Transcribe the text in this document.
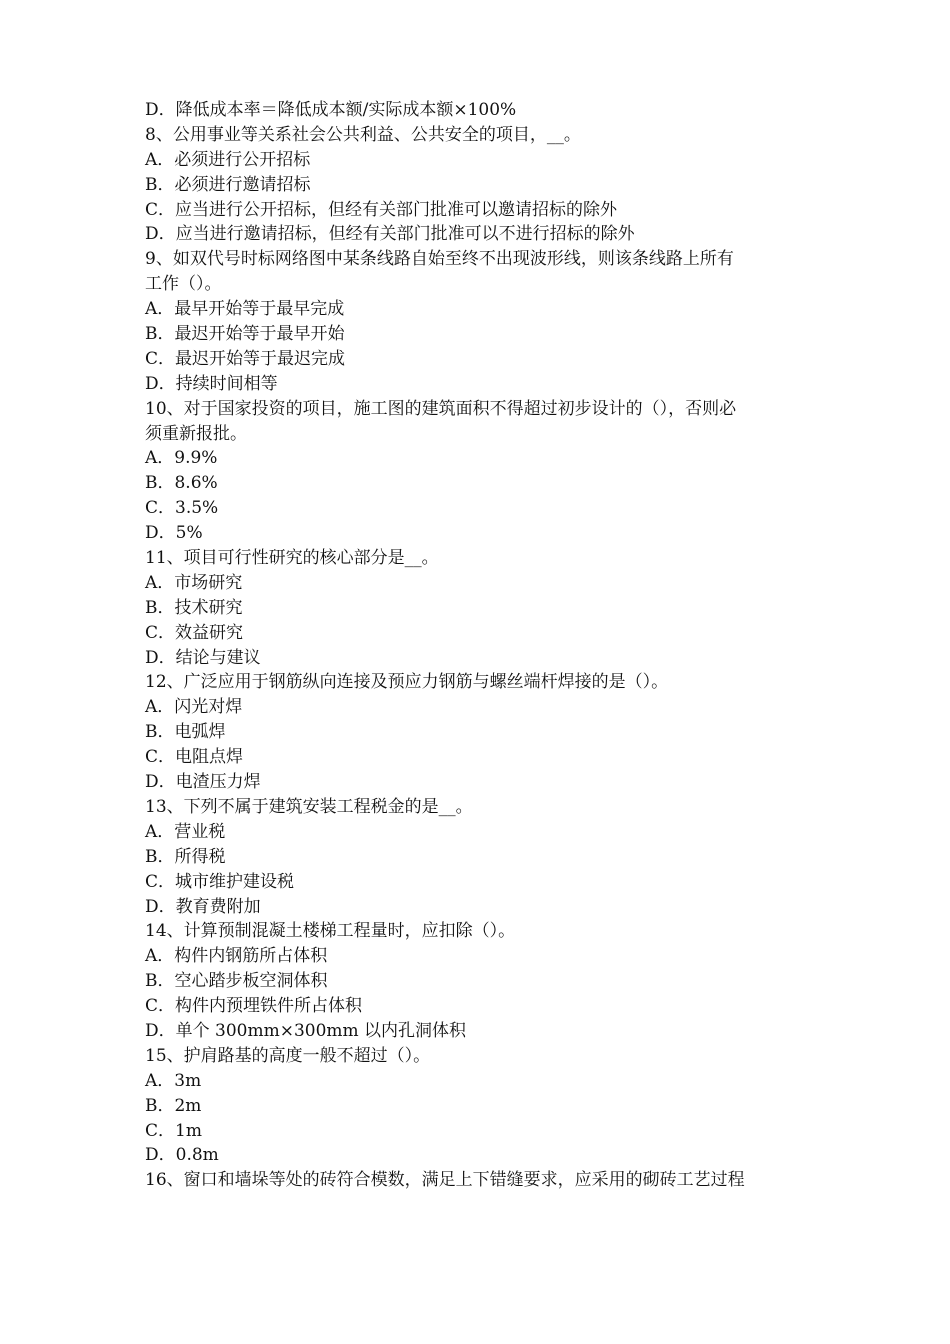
D．降低成本率＝降低成本额/实际成本额×100%
8、公用事业等关系社会公共利益、公共安全的项目，__。
A．必须进行公开招标
B．必须进行邀请招标
C．应当进行公开招标，但经有关部门批准可以邀请招标的除外
D．应当进行邀请招标，但经有关部门批准可以不进行招标的除外
9、如双代号时标网络图中某条线路自始至终不出现波形线，则该条线路上所有
工作（）。
A．最早开始等于最早完成
B．最迟开始等于最早开始
C．最迟开始等于最迟完成
D．持续时间相等
10、对于国家投资的项目，施工图的建筑面积不得超过初步设计的（），否则必
须重新报批。
A．9.9%
B．8.6%
C．3.5%
D．5%
11、项目可行性研究的核心部分是__。
A．市场研究
B．技术研究
C．效益研究
D．结论与建议
12、广泛应用于钢筋纵向连接及预应力钢筋与螺丝端杆焊接的是（）。
A．闪光对焊
B．电弧焊
C．电阻点焊
D．电渣压力焊
13、下列不属于建筑安装工程税金的是__。
A．营业税
B．所得税
C．城市维护建设税
D．教育费附加
14、计算预制混凝土楼梯工程量时，应扣除（）。
A．构件内钢筋所占体积
B．空心踏步板空洞体积
C．构件内预埋铁件所占体积
D．单个 300mm×300mm 以内孔洞体积
15、护肩路基的高度一般不超过（）。
A．3m
B．2m
C．1m
D．0.8m
16、窗口和墙垛等处的砖符合模数，满足上下错缝要求，应采用的砌砖工艺过程
